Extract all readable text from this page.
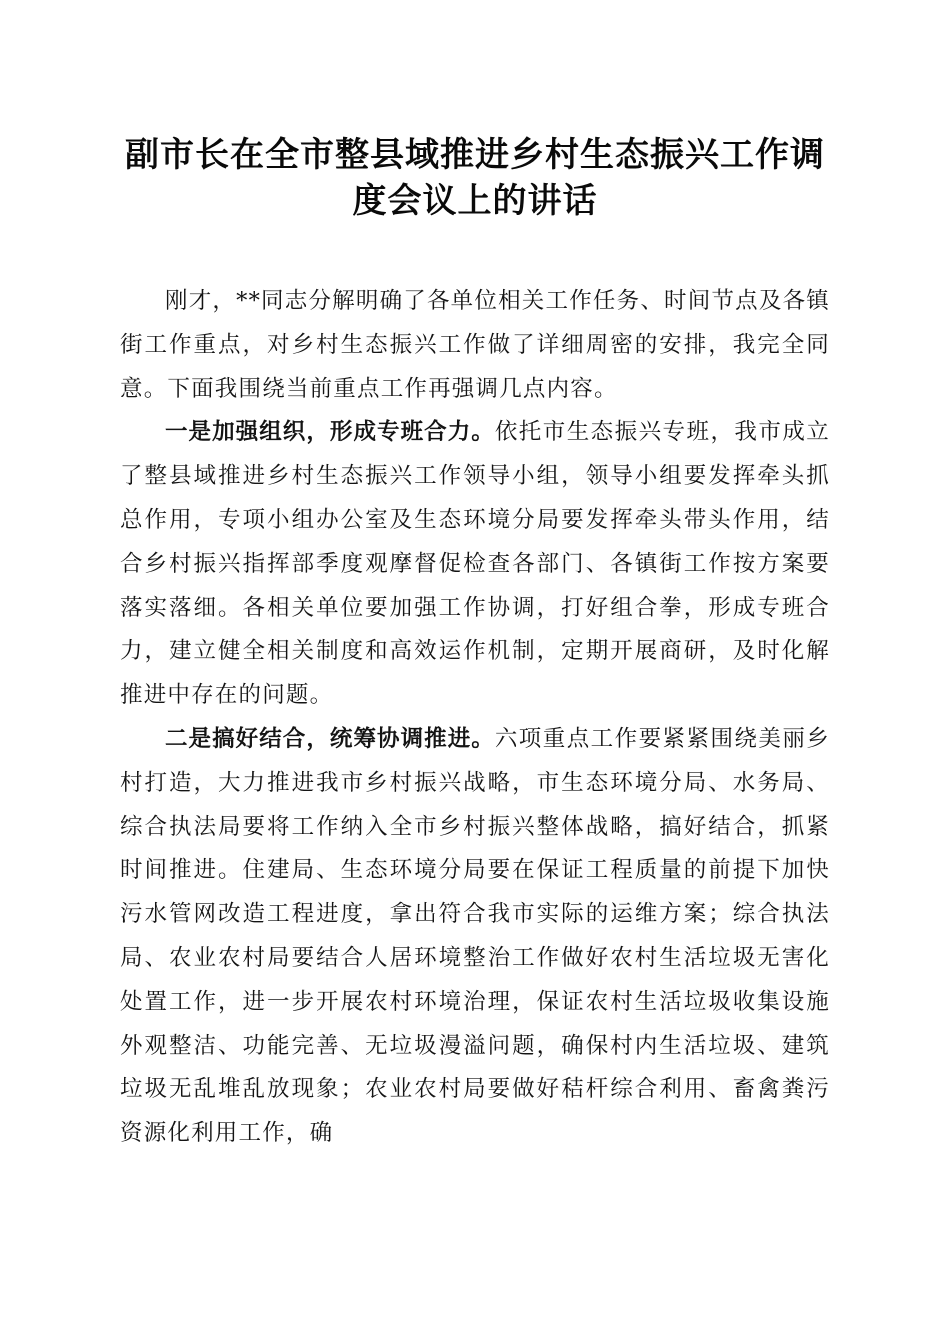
副市长在全市整县域推进乡村生态振兴工作调
度会议上的讲话

刚才，**同志分解明确了各单位相关工作任务、时间节点及各镇街工作重点，对乡村生态振兴工作做了详细周密的安排，我完全同意。下面我围绕当前重点工作再强调几点内容。

一是加强组织，形成专班合力。依托市生态振兴专班，我市成立了整县域推进乡村生态振兴工作领导小组，领导小组要发挥牵头抓总作用，专项小组办公室及生态环境分局要发挥牵头带头作用，结合乡村振兴指挥部季度观摩督促检查各部门、各镇街工作按方案要落实落细。各相关单位要加强工作协调，打好组合拳，形成专班合力，建立健全相关制度和高效运作机制，定期开展商研，及时化解推进中存在的问题。

二是搞好结合，统筹协调推进。六项重点工作要紧紧围绕美丽乡村打造，大力推进我市乡村振兴战略，市生态环境分局、水务局、综合执法局要将工作纳入全市乡村振兴整体战略，搞好结合，抓紧时间推进。住建局、生态环境分局要在保证工程质量的前提下加快污水管网改造工程进度，拿出符合我市实际的运维方案；综合执法局、农业农村局要结合人居环境整治工作做好农村生活垃圾无害化处置工作，进一步开展农村环境治理，保证农村生活垃圾收集设施外观整洁、功能完善、无垃圾漫溢问题，确保村内生活垃圾、建筑垃圾无乱堆乱放现象；农业农村局要做好秸杆综合利用、畜禽粪污资源化利用工作，确
